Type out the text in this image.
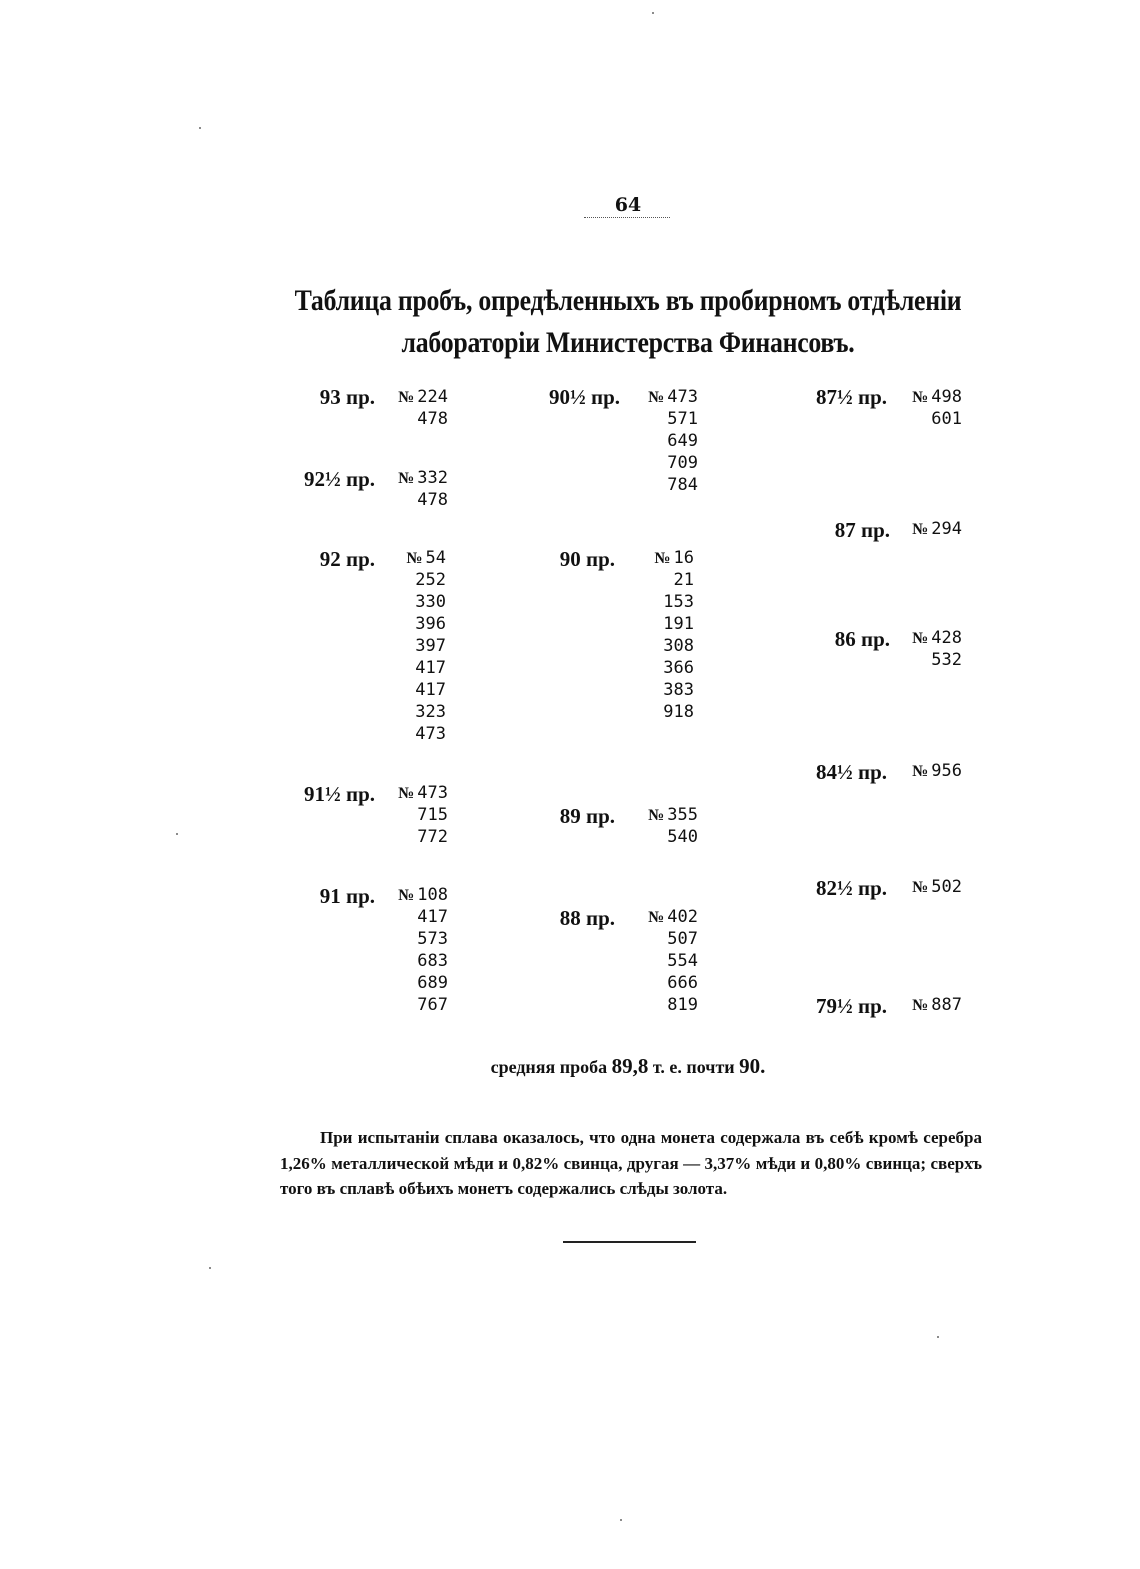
64
Таблица пробъ, опредѣленныхъ въ пробирномъ отдѣленіи
лабораторіи Министерства Финансовъ.
93 пр.	№ 224
478
92½ пр.	№ 332
478
92 пр.	№ 54
252
330
396
397
417
417
323
473
91½ пр.	№ 473
715
772
91 пр.	№ 108
417
573
683
689
767
90½ пр.	№ 473
571
649
709
784
90 пр.	№ 16
21
153
191
308
366
383
918
89 пр.	№ 355
540
88 пр.	№ 402
507
554
666
819
87½ пр.	№ 498
601
87 пр.	№ 294
86 пр.	№ 428
532
84½ пр.	№ 956
82½ пр.	№ 502
79½ пр.	№ 887
средняя проба 89,8 т. е. почти 90.
При испытаніи сплава оказалось, что одна монета содержала въ себѣ кромѣ серебра 1,26% металлической мѣди и 0,82% свинца, другая — 3,37% мѣди и 0,80% свинца; сверхъ того въ сплавѣ обѣихъ монетъ содержались слѣды золота.
